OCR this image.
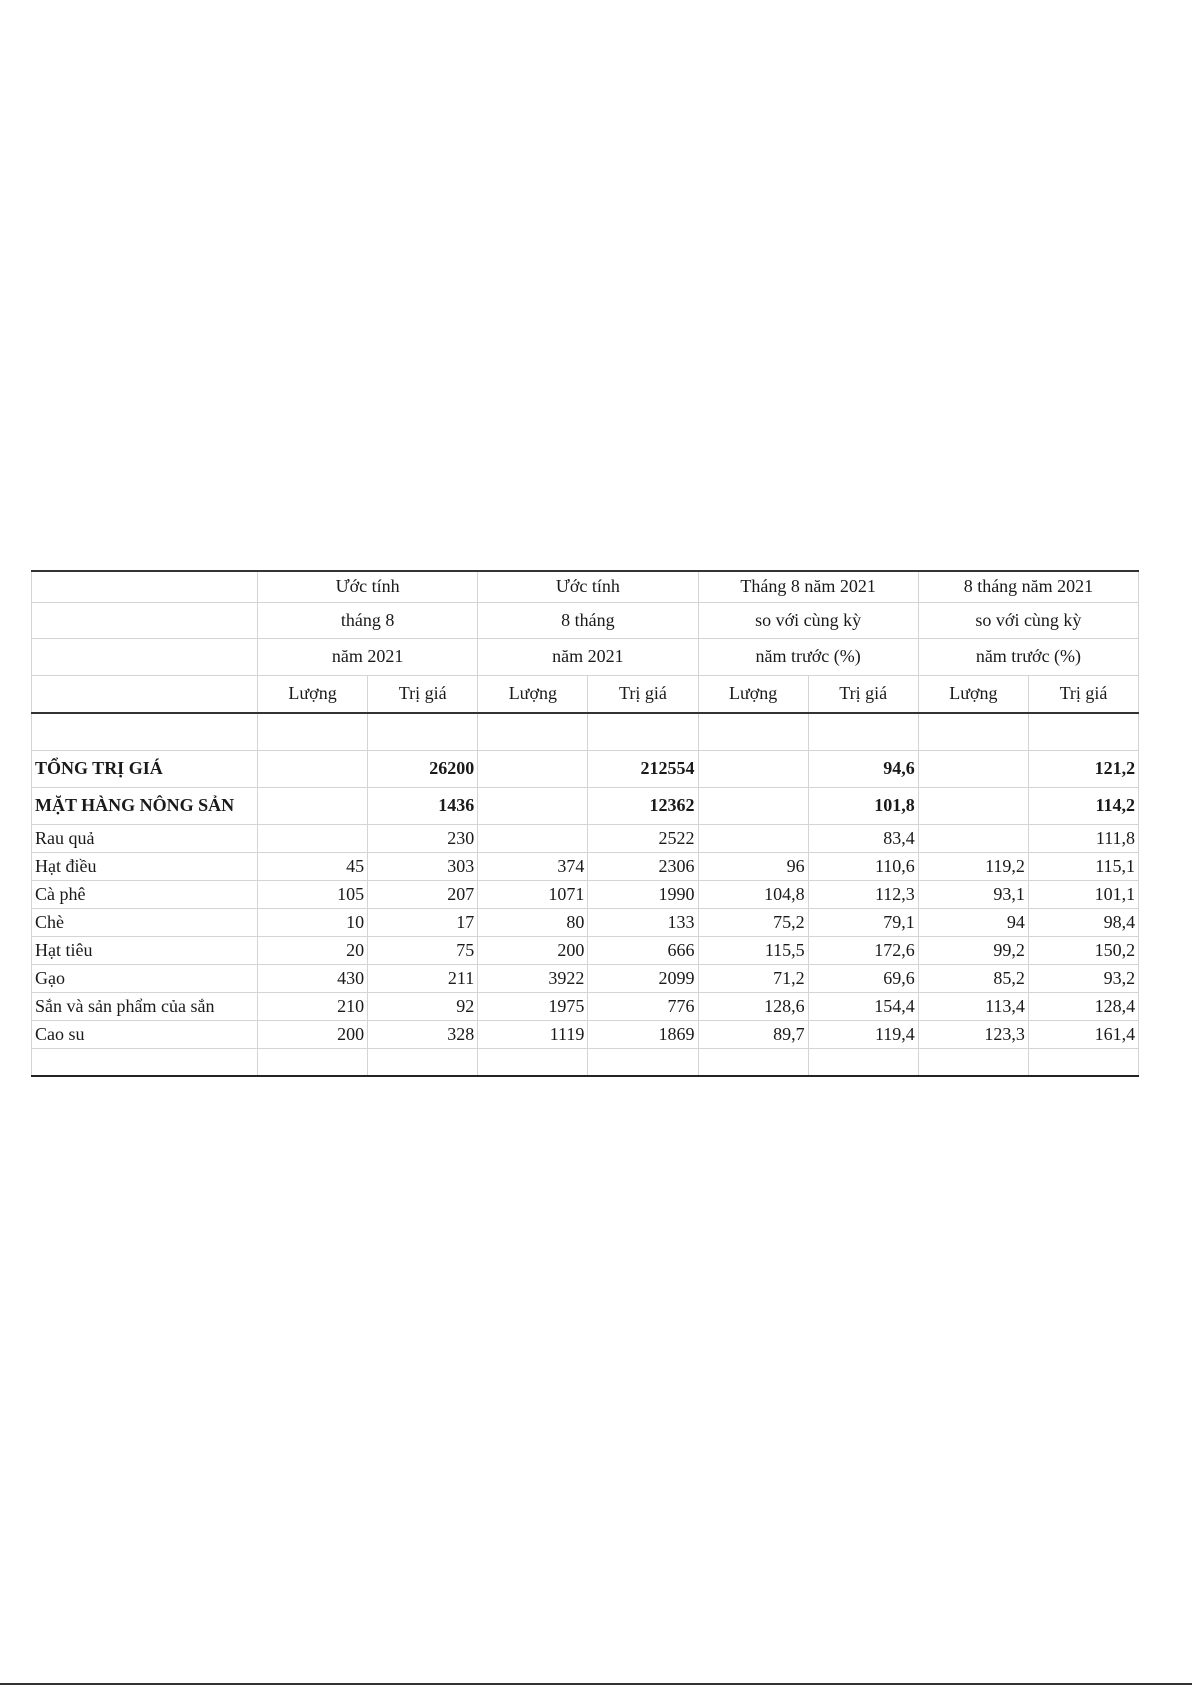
	Ước tính		Ước tính		Tháng 8 năm 2021		8 tháng năm 2021	
	tháng 8		8 tháng		so với cùng kỳ		so với cùng kỳ	
	năm 2021		năm 2021		năm trước (%)		năm trước (%)	
	Lượng	Trị giá	Lượng	Trị giá	Lượng	Trị giá	Lượng	Trị giá

TỔNG TRỊ GIÁ		26200		212554		94,6		121,2
MẶT HÀNG NÔNG SẢN		1436		12362		101,8		114,2
Rau quả		230		2522		83,4		111,8
Hạt điều	45	303	374	2306	96	110,6	119,2	115,1
Cà phê	105	207	1071	1990	104,8	112,3	93,1	101,1
Chè	10	17	80	133	75,2	79,1	94	98,4
Hạt tiêu	20	75	200	666	115,5	172,6	99,2	150,2
Gạo	430	211	3922	2099	71,2	69,6	85,2	93,2
Sắn và sản phẩm của sắn	210	92	1975	776	128,6	154,4	113,4	128,4
Cao su	200	328	1119	1869	89,7	119,4	123,3	161,4
